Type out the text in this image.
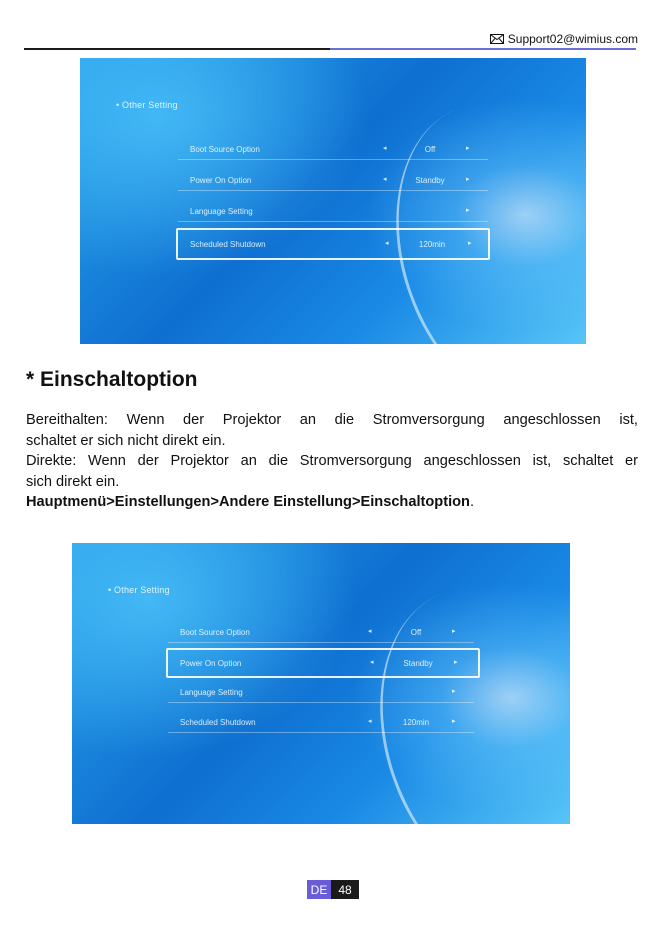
Support02@wimius.com
• Other Setting
Boot Source Option	◂	Off	▸
Power On Option	◂	Standby	▸
Language Setting	▸
Scheduled Shutdown	◂	120min	▸
* Einschaltoption

Bereithalten: Wenn der Projektor an die Stromversorgung angeschlossen ist,

schaltet er sich nicht direkt ein.

Direkte: Wenn der Projektor an die Stromversorgung angeschlossen ist, schaltet er

sich direkt ein.

Hauptmenü>Einstellungen>Andere Einstellung>Einschaltoption.

• Other Setting
Boot Source Option	◂	Off	▸
Power On Option	◂	Standby	▸
Language Setting	▸
Scheduled Shutdown	◂	120min	▸
DE 48
